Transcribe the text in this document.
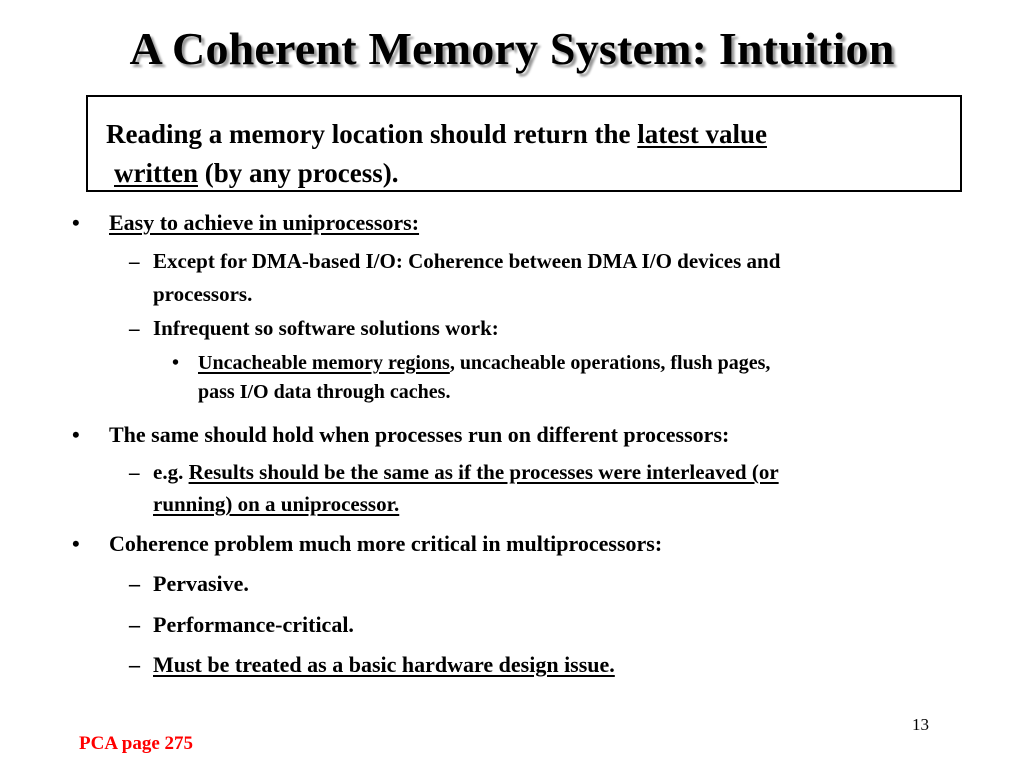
A Coherent Memory System: Intuition
Reading a memory location should return the latest value
written (by any process).
• Easy to achieve in uniprocessors:
– Except for DMA-based I/O: Coherence between DMA I/O devices and
processors.
– Infrequent so software solutions work:
• Uncacheable memory regions, uncacheable operations, flush pages,
pass I/O data through caches.
• The same should hold when processes run on different processors:
– e.g. Results should be the same as if the processes were interleaved (or
running) on a uniprocessor.
• Coherence problem much more critical in multiprocessors:
– Pervasive.
– Performance-critical.
– Must be treated as a basic hardware design issue.
13
PCA page 275
